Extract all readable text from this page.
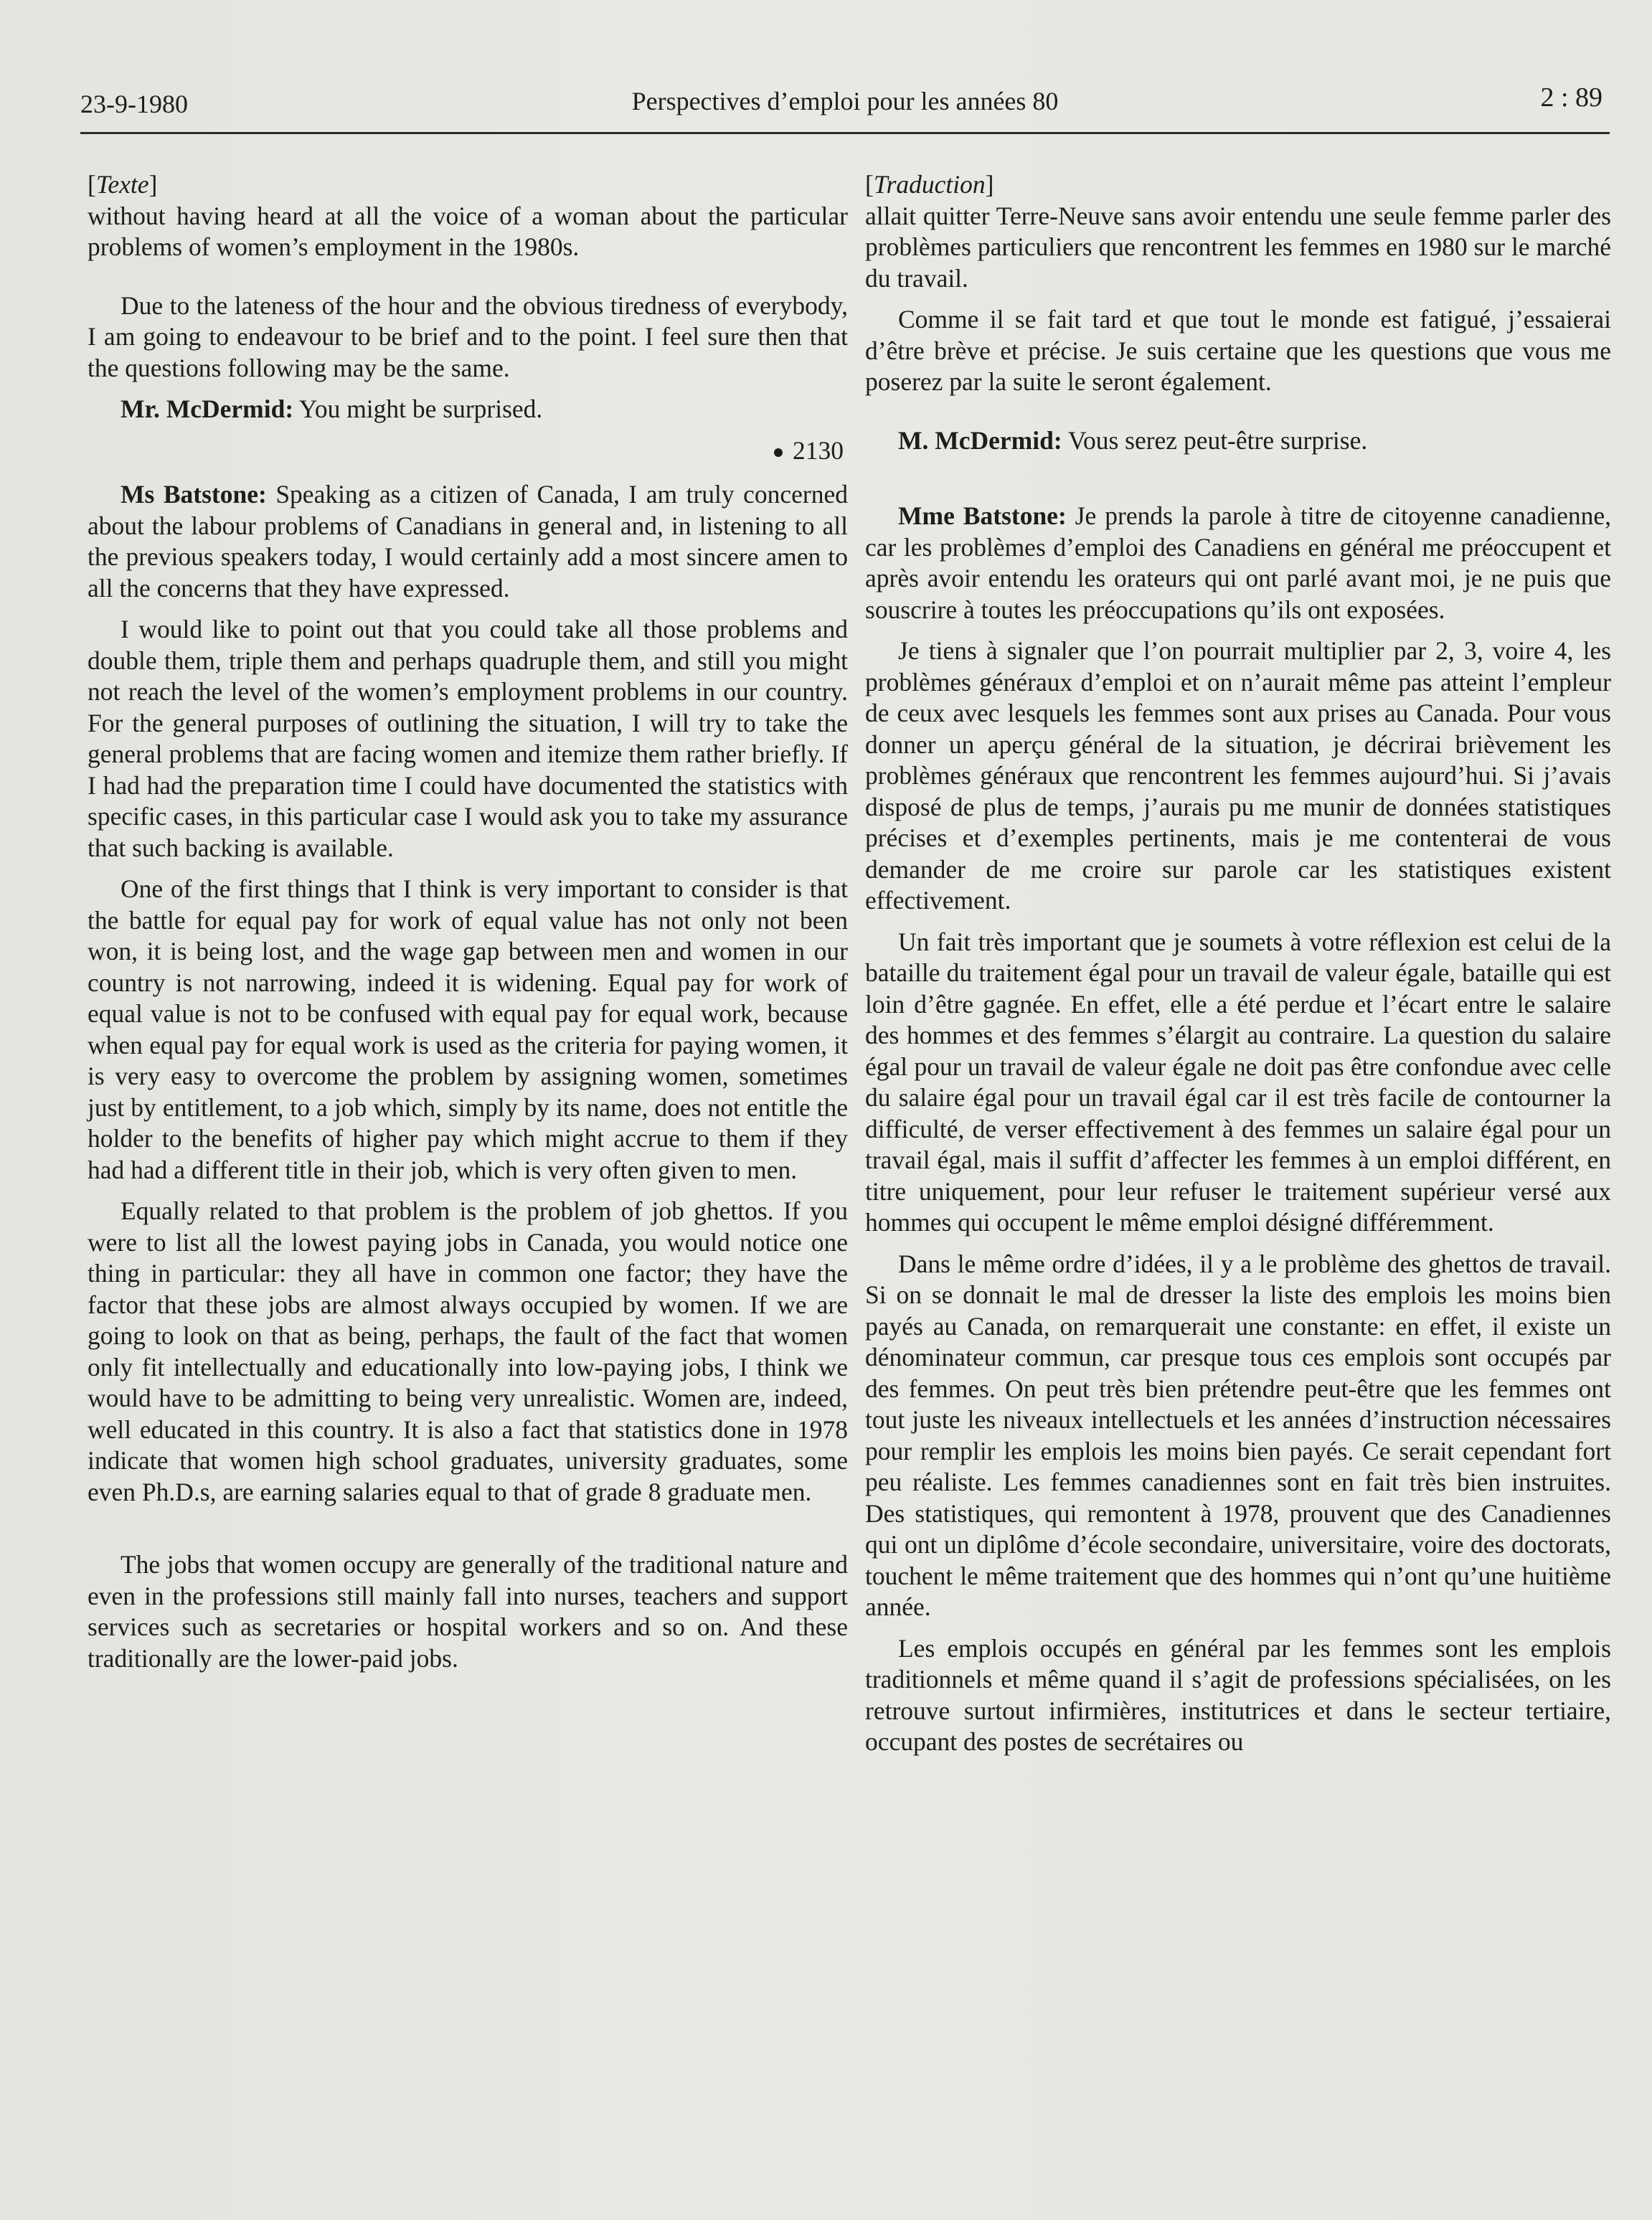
23-9-1980	Perspectives d’emploi pour les années 80	2 : 89
[Texte]

without having heard at all the voice of a woman about the particular problems of women’s employment in the 1980s.

Due to the lateness of the hour and the obvious tiredness of everybody, I am going to endeavour to be brief and to the point. I feel sure then that the questions following may be the same.

Mr. McDermid: You might be surprised.

2130

Ms Batstone: Speaking as a citizen of Canada, I am truly concerned about the labour problems of Canadians in general and, in listening to all the previous speakers today, I would certainly add a most sincere amen to all the concerns that they have expressed.

I would like to point out that you could take all those problems and double them, triple them and perhaps quadruple them, and still you might not reach the level of the women’s employment problems in our country. For the general purposes of outlining the situation, I will try to take the general problems that are facing women and itemize them rather briefly. If I had had the preparation time I could have documented the statistics with specific cases, in this particular case I would ask you to take my assurance that such backing is available.

One of the first things that I think is very important to consider is that the battle for equal pay for work of equal value has not only not been won, it is being lost, and the wage gap between men and women in our country is not narrowing, indeed it is widening. Equal pay for work of equal value is not to be confused with equal pay for equal work, because when equal pay for equal work is used as the criteria for paying women, it is very easy to overcome the problem by assigning women, sometimes just by entitlement, to a job which, simply by its name, does not entitle the holder to the benefits of higher pay which might accrue to them if they had had a different title in their job, which is very often given to men.

Equally related to that problem is the problem of job ghettos. If you were to list all the lowest paying jobs in Canada, you would notice one thing in particular: they all have in common one factor; they have the factor that these jobs are almost always occupied by women. If we are going to look on that as being, perhaps, the fault of the fact that women only fit intellectually and educationally into low-paying jobs, I think we would have to be admitting to being very unrealistic. Women are, indeed, well educated in this country. It is also a fact that statistics done in 1978 indicate that women high school graduates, university graduates, some even Ph.D.s, are earning salaries equal to that of grade 8 graduate men.

The jobs that women occupy are generally of the traditional nature and even in the professions still mainly fall into nurses, teachers and support services such as secretaries or hospital workers and so on. And these traditionally are the lower-paid jobs.

[Traduction]

allait quitter Terre-Neuve sans avoir entendu une seule femme parler des problèmes particuliers que rencontrent les femmes en 1980 sur le marché du travail.

Comme il se fait tard et que tout le monde est fatigué, j’essaierai d’être brève et précise. Je suis certaine que les questions que vous me poserez par la suite le seront également.

M. McDermid: Vous serez peut-être surprise.

Mme Batstone: Je prends la parole à titre de citoyenne canadienne, car les problèmes d’emploi des Canadiens en général me préoccupent et après avoir entendu les orateurs qui ont parlé avant moi, je ne puis que souscrire à toutes les préoccupations qu’ils ont exposées.

Je tiens à signaler que l’on pourrait multiplier par 2, 3, voire 4, les problèmes généraux d’emploi et on n’aurait même pas atteint l’empleur de ceux avec lesquels les femmes sont aux prises au Canada. Pour vous donner un aperçu général de la situation, je décrirai brièvement les problèmes généraux que rencontrent les femmes aujourd’hui. Si j’avais disposé de plus de temps, j’aurais pu me munir de données statistiques précises et d’exemples pertinents, mais je me contenterai de vous demander de me croire sur parole car les statistiques existent effectivement.

Un fait très important que je soumets à votre réflexion est celui de la bataille du traitement égal pour un travail de valeur égale, bataille qui est loin d’être gagnée. En effet, elle a été perdue et l’écart entre le salaire des hommes et des femmes s’élargit au contraire. La question du salaire égal pour un travail de valeur égale ne doit pas être confondue avec celle du salaire égal pour un travail égal car il est très facile de contourner la difficulté, de verser effectivement à des femmes un salaire égal pour un travail égal, mais il suffit d’affecter les femmes à un emploi différent, en titre uniquement, pour leur refuser le traitement supérieur versé aux hommes qui occupent le même emploi désigné différemment.

Dans le même ordre d’idées, il y a le problème des ghettos de travail. Si on se donnait le mal de dresser la liste des emplois les moins bien payés au Canada, on remarquerait une constante: en effet, il existe un dénominateur commun, car presque tous ces emplois sont occupés par des femmes. On peut très bien prétendre peut-être que les femmes ont tout juste les niveaux intellectuels et les années d’instruction nécessaires pour remplir les emplois les moins bien payés. Ce serait cependant fort peu réaliste. Les femmes canadiennes sont en fait très bien instruites. Des statistiques, qui remontent à 1978, prouvent que des Canadiennes qui ont un diplôme d’école secondaire, universitaire, voire des doctorats, touchent le même traitement que des hommes qui n’ont qu’une huitième année.

Les emplois occupés en général par les femmes sont les emplois traditionnels et même quand il s’agit de professions spécialisées, on les retrouve surtout infirmières, institutrices et dans le secteur tertiaire, occupant des postes de secrétaires ou
